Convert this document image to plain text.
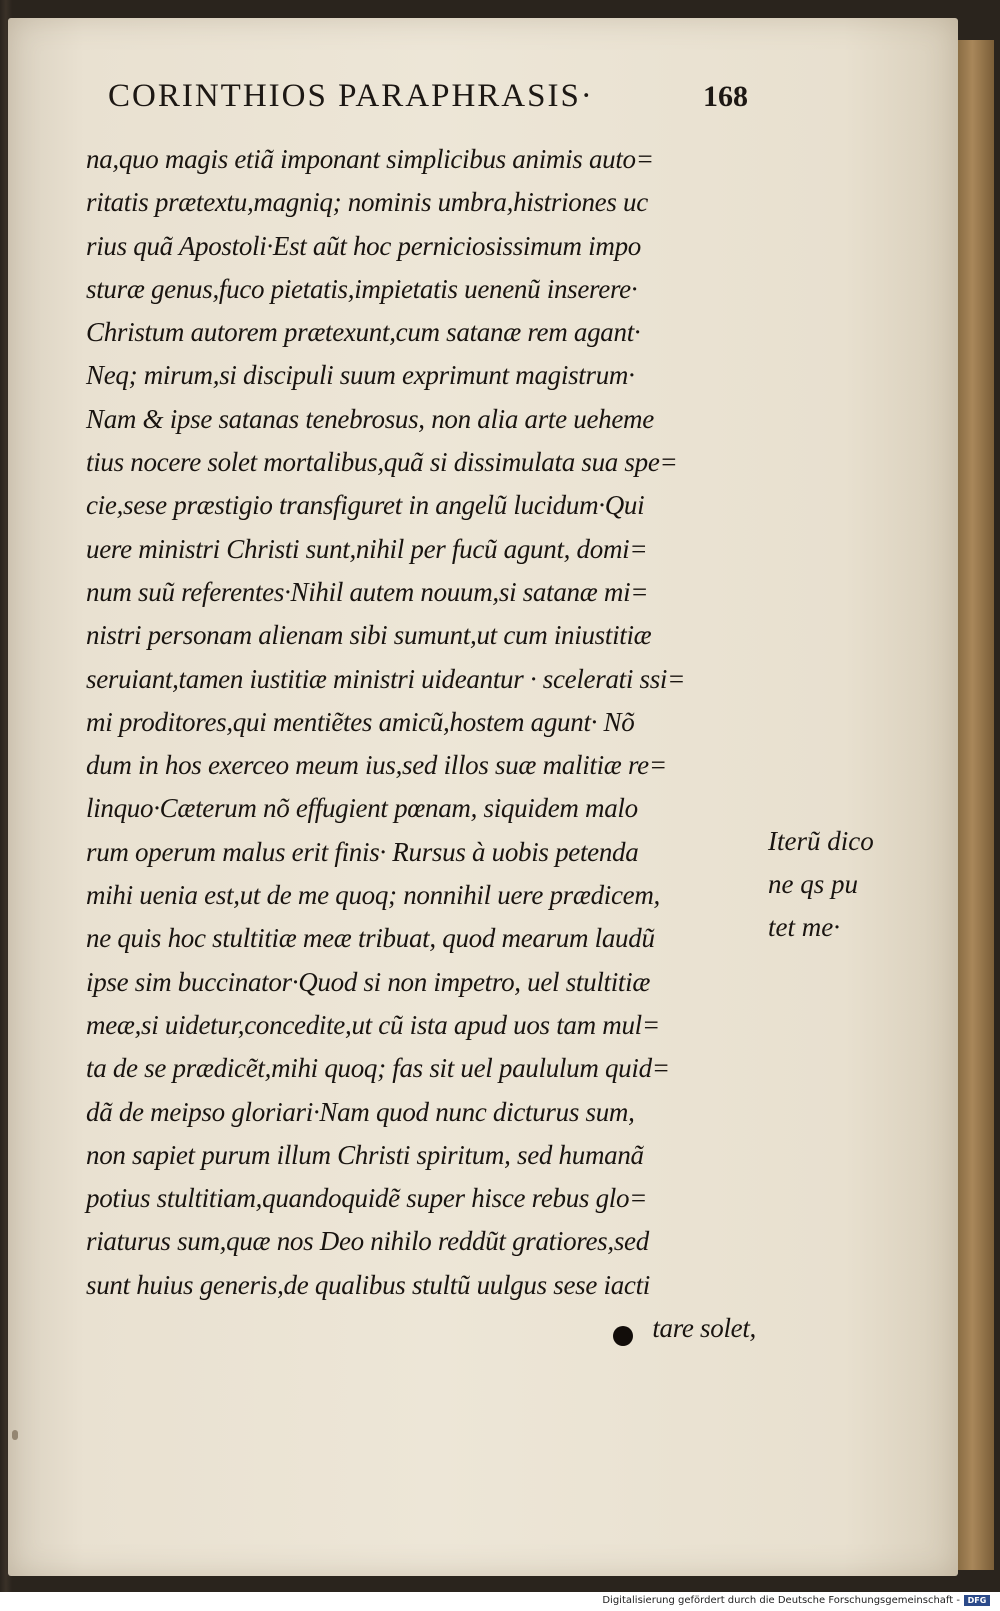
CORINTHIOS PARAPHRASIS·	168
na,quo magis etiã imponant simplicibus animis auto=
ritatis prætextu,magniq; nominis umbra,histriones uc
rius quã Apostoli·Est aũt hoc perniciosissimum impo
sturæ genus,fuco pietatis,impietatis uenenũ inserere·
Christum autorem prætexunt,cum satanæ rem agant·
Neq; mirum,si discipuli suum exprimunt magistrum·
Nam & ipse satanas tenebrosus, non alia arte ueheme
tius nocere solet mortalibus,quã si dissimulata sua spe=
cie,sese præstigio transfiguret in angelũ lucidum·Qui
uere ministri Christi sunt,nihil per fucũ agunt, domi=
num suũ referentes·Nihil autem nouum,si satanæ mi=
nistri personam alienam sibi sumunt,ut cum iniustitiæ
seruiant,tamen iustitiæ ministri uideantur · scelerati ssi=
mi proditores,qui mentiẽtes amicũ,hostem agunt· Nõ
dum in hos exerceo meum ius,sed illos suæ malitiæ re=
linquo·Cæterum nõ effugient pœnam, siquidem malo
rum operum malus erit finis· Rursus à uobis petenda
mihi uenia est,ut de me quoq; nonnihil uere prædicem,
ne quis hoc stultitiæ meæ tribuat, quod mearum laudũ
ipse sim buccinator·Quod si non impetro, uel stultitiæ
meæ,si uidetur,concedite,ut cũ ista apud uos tam mul=
ta de se prædicẽt,mihi quoq; fas sit uel paululum quid=
dã de meipso gloriari·Nam quod nunc dicturus sum,
non sapiet purum illum Christi spiritum, sed humanã
potius stultitiam,quandoquidẽ super hisce rebus glo=
riaturus sum,quæ nos Deo nihilo reddũt gratiores,sed
sunt huius generis,de qualibus stultũ uulgus sese iacti
tare solet,
Iterũ dico
ne qs pu
tet me·
Digitalisierung gefördert durch die Deutsche Forschungsgemeinschaft - DFG
